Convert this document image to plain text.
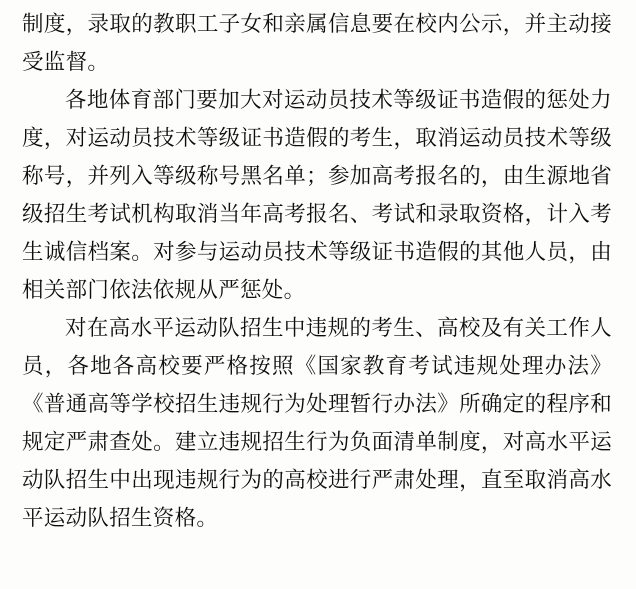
制度，录取的教职工子女和亲属信息要在校内公示，并主动接受监督。

各地体育部门要加大对运动员技术等级证书造假的惩处力度，对运动员技术等级证书造假的考生，取消运动员技术等级称号，并列入等级称号黑名单；参加高考报名的，由生源地省级招生考试机构取消当年高考报名、考试和录取资格，计入考生诚信档案。对参与运动员技术等级证书造假的其他人员，由相关部门依法依规从严惩处。

对在高水平运动队招生中违规的考生、高校及有关工作人员，各地各高校要严格按照《国家教育考试违规处理办法》《普通高等学校招生违规行为处理暂行办法》所确定的程序和规定严肃查处。建立违规招生行为负面清单制度，对高水平运动队招生中出现违规行为的高校进行严肃处理，直至取消高水平运动队招生资格。
